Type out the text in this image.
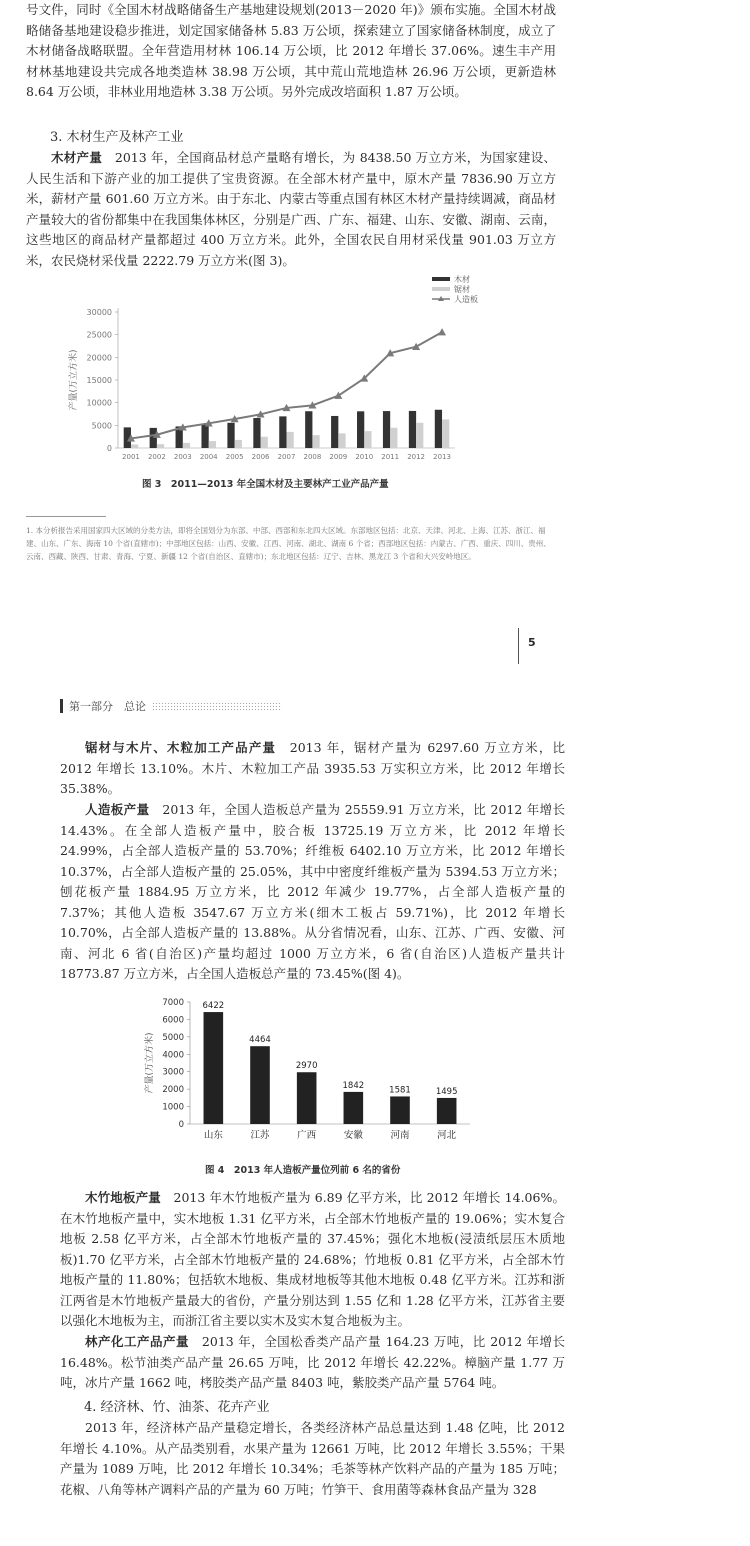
号文件，同时《全国木材战略储备生产基地建设规划(2013－2020 年)》颁布实施。全国木材战略储备基地建设稳步推进，划定国家储备林 5.83 万公顷，探索建立了国家储备林制度，成立了木材储备战略联盟。全年营造用材林 106.14 万公顷，比 2012 年增长 37.06%。速生丰产用材林基地建设共完成各地类造林 38.98 万公顷，其中荒山荒地造林 26.96 万公顷，更新造林 8.64 万公顷，非林业用地造林 3.38 万公顷。另外完成改培面积 1.87 万公顷。

3. 木材生产及林产工业

木材产量　2013 年，全国商品材总产量略有增长，为 8438.50 万立方米，为国家建设、人民生活和下游产业的加工提供了宝贵资源。在全部木材产量中，原木产量 7836.90 万立方米，薪材产量 601.60 万立方米。由于东北、内蒙古等重点国有林区木材产量持续调减，商品材产量较大的省份都集中在我国集体林区，分别是广西、广东、福建、山东、安徽、湖南、云南，这些地区的商品材产量都超过 400 万立方米。此外，全国农民自用材采伐量 901.03 万立方米，农民烧材采伐量 2222.79 万立方米(图 3)。

0
5000
10000
15000
20000
25000
30000
2001 2002 2003 2004 2005 2006 2007 2008 2009 2010 2011 2012 2013
木材
锯材
人造板
产量(万立方米)
图 3　2011—2013 年全国木材及主要林产工业产品产量

1. 本分析报告采用国家四大区域的分类方法，即将全国划分为东部、中部、西部和东北四大区域。东部地区包括：北京、天津、河北、上海、江苏、浙江、福建、山东、广东、海南 10 个省(直辖市)；中部地区包括：山西、安徽、江西、河南、湖北、湖南 6 个省；西部地区包括：内蒙古、广西、重庆、四川、贵州、云南、西藏、陕西、甘肃、青海、宁夏、新疆 12 个省(自治区、直辖市)；东北地区包括：辽宁、吉林、黑龙江 3 个省和大兴安岭地区。

5
第一部分　总论

锯材与木片、木粒加工产品产量　2013 年，锯材产量为 6297.60 万立方米，比 2012 年增长 13.10%。木片、木粒加工产品 3935.53 万实积立方米，比 2012 年增长 35.38%。

人造板产量　2013 年，全国人造板总产量为 25559.91 万立方米，比 2012 年增长 14.43%。在全部人造板产量中，胶合板 13725.19 万立方米，比 2012 年增长 24.99%，占全部人造板产量的 53.70%；纤维板 6402.10 万立方米，比 2012 年增长 10.37%，占全部人造板产量的 25.05%，其中中密度纤维板产量为 5394.53 万立方米；刨花板产量 1884.95 万立方米，比 2012 年减少 19.77%，占全部人造板产量的 7.37%；其他人造板 3547.67 万立方米(细木工板占 59.71%)，比 2012 年增长 10.70%，占全部人造板产量的 13.88%。从分省情况看，山东、江苏、广西、安徽、河南、河北 6 省(自治区)产量均超过 1000 万立方米，6 省(自治区)人造板产量共计 18773.87 万立方米，占全国人造板总产量的 73.45%(图 4)。

0
1000
2000
3000
4000
5000
6000
7000 6422
山东
4464
江苏
2970
广西
1842
安徽
1581
河南
1495
河北
产量(万立方米)
图 4　2013 年人造板产量位列前 6 名的省份

木竹地板产量　2013 年木竹地板产量为 6.89 亿平方米，比 2012 年增长 14.06%。在木竹地板产量中，实木地板 1.31 亿平方米，占全部木竹地板产量的 19.06%；实木复合地板 2.58 亿平方米，占全部木竹地板产量的 37.45%；强化木地板(浸渍纸层压木质地板)1.70 亿平方米，占全部木竹地板产量的 24.68%；竹地板 0.81 亿平方米，占全部木竹地板产量的 11.80%；包括软木地板、集成材地板等其他木地板 0.48 亿平方米。江苏和浙江两省是木竹地板产量最大的省份，产量分别达到 1.55 亿和 1.28 亿平方米，江苏省主要以强化木地板为主，而浙江省主要以实木及实木复合地板为主。

林产化工产品产量　2013 年，全国松香类产品产量 164.23 万吨，比 2012 年增长 16.48%。松节油类产品产量 26.65 万吨，比 2012 年增长 42.22%。樟脑产量 1.77 万吨，冰片产量 1662 吨，栲胶类产品产量 8403 吨，紫胶类产品产量 5764 吨。

4. 经济林、竹、油茶、花卉产业

2013 年，经济林产品产量稳定增长，各类经济林产品总量达到 1.48 亿吨，比 2012 年增长 4.10%。从产品类别看，水果产量为 12661 万吨，比 2012 年增长 3.55%；干果产量为 1089 万吨，比 2012 年增长 10.34%；毛茶等林产饮料产品的产量为 185 万吨；花椒、八角等林产调料产品的产量为 60 万吨；竹笋干、食用菌等森林食品产量为 328
